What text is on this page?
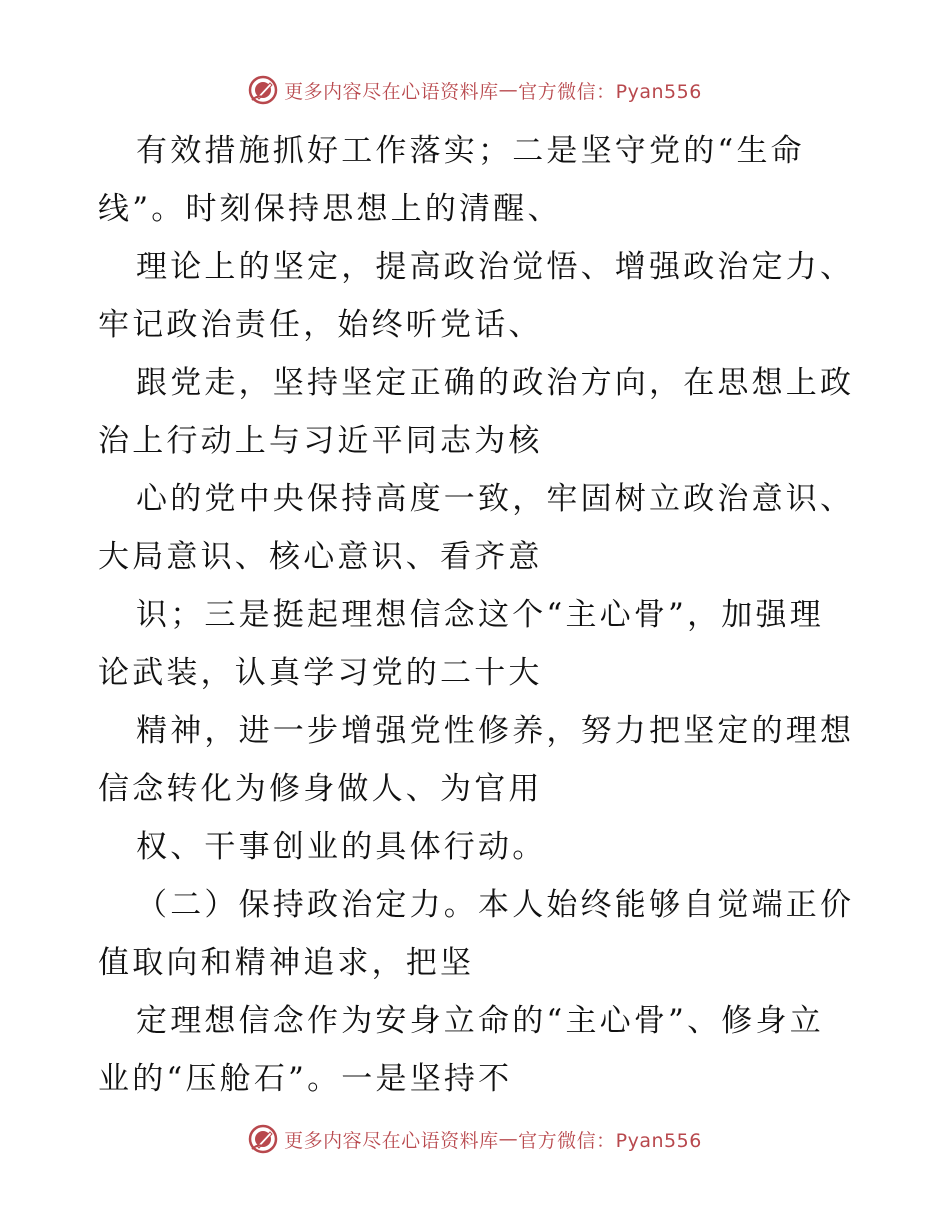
更多内容尽在心语资料库 — 官方微信：Pyan556

有效措施抓好工作落实；二是坚守党的“生命
线”。时刻保持思想上的清醒、

理论上的坚定，提高政治觉悟、增强政治定力、
牢记政治责任，始终听党话、

跟党走，坚持坚定正确的政治方向，在思想上政
治上行动上与习近平同志为核

心的党中央保持高度一致，牢固树立政治意识、
大局意识、核心意识、看齐意

识；三是挺起理想信念这个“主心骨”，加强理
论武装，认真学习党的二十大

精神，进一步增强党性修养，努力把坚定的理想
信念转化为修身做人、为官用

权、干事创业的具体行动。

（二）保持政治定力。本人始终能够自觉端正价
值取向和精神追求，把坚

定理想信念作为安身立命的“主心骨”、修身立
业的“压舱石”。一是坚持不

更多内容尽在心语资料库 — 官方微信：Pyan556
